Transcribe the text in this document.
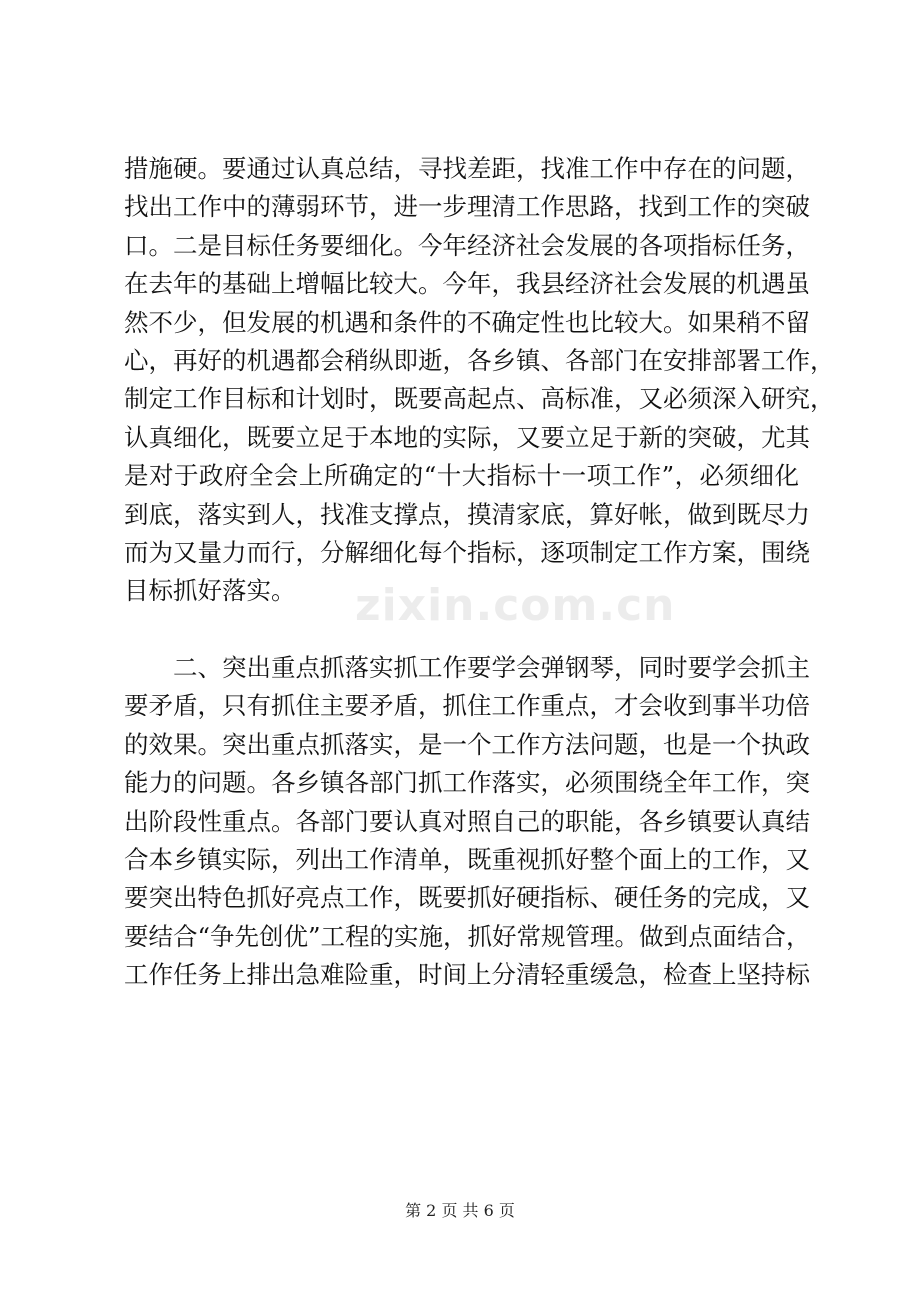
zixin.com.cn
措施硬。要通过认真总结，寻找差距，找准工作中存在的问题，
找出工作中的薄弱环节，进一步理清工作思路，找到工作的突破
口。二是目标任务要细化。今年经济社会发展的各项指标任务，
在去年的基础上增幅比较大。今年，我县经济社会发展的机遇虽
然不少，但发展的机遇和条件的不确定性也比较大。如果稍不留
心，再好的机遇都会稍纵即逝，各乡镇、各部门在安排部署工作，
制定工作目标和计划时，既要高起点、高标准，又必须深入研究，
认真细化，既要立足于本地的实际，又要立足于新的突破，尤其
是对于政府全会上所确定的“十大指标十一项工作”，必须细化
到底，落实到人，找准支撑点，摸清家底，算好帐，做到既尽力
而为又量力而行，分解细化每个指标，逐项制定工作方案，围绕
目标抓好落实。
二、突出重点抓落实抓工作要学会弹钢琴，同时要学会抓主
要矛盾，只有抓住主要矛盾，抓住工作重点，才会收到事半功倍
的效果。突出重点抓落实，是一个工作方法问题，也是一个执政
能力的问题。各乡镇各部门抓工作落实，必须围绕全年工作，突
出阶段性重点。各部门要认真对照自己的职能，各乡镇要认真结
合本乡镇实际，列出工作清单，既重视抓好整个面上的工作，又
要突出特色抓好亮点工作，既要抓好硬指标、硬任务的完成，又
要结合“争先创优”工程的实施，抓好常规管理。做到点面结合，
工作任务上排出急难险重，时间上分清轻重缓急，检查上坚持标
第 2 页 共 6 页
